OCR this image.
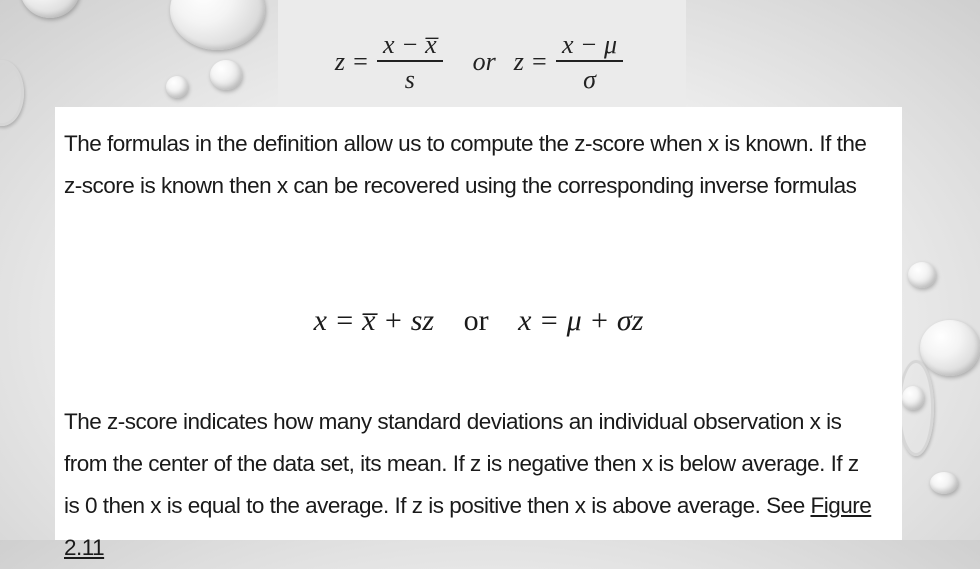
$z = \frac{x - x̅}{s}$ or $z = \frac{x - \mu}{\sigma}$

The formulas in the definition allow us to compute the z-score when x is known. If the z-score is known then x can be recovered using the corresponding inverse formulas

x = x̅ + sz or x = μ + σz

The z-score indicates how many standard deviations an individual observation x is from the center of the data set, its mean. If z is negative then x is below average. If z is 0 then x is equal to the average. If z is positive then x is above average. See Figure 2.11
